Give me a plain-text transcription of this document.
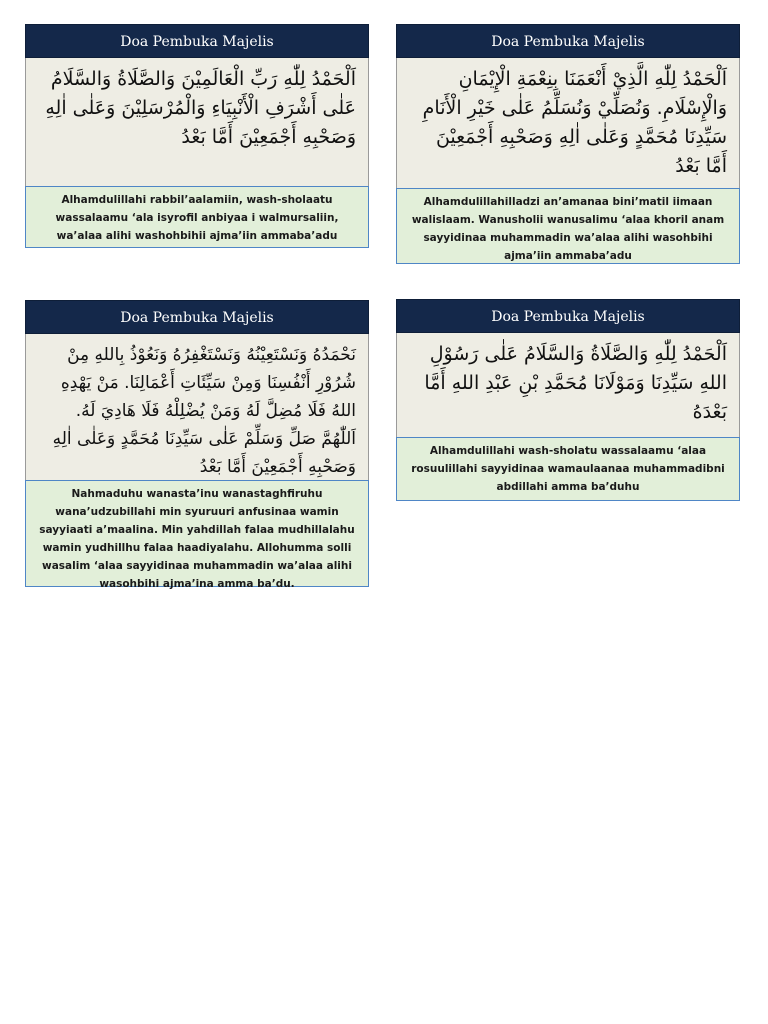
Doa Pembuka Majelis
اَلْحَمْدُ لِلّٰهِ رَبِّ الْعَالَمِيْنَ وَالصَّلَاةُ وَالسَّلَامُ عَلٰى أَشْرَفِ الْأَنْبِيَاءِ وَالْمُرْسَلِيْنَ وَعَلٰى اٰلِهِ وَصَحْبِهِ أَجْمَعِيْنَ أَمَّا بَعْدُ
Alhamdulillahi rabbil’aalamiin, wash-sholaatu wassalaamu ‘ala isyrofil anbiyaa i walmursaliin, wa’alaa alihi washohbihii ajma’iin ammaba’adu
Doa Pembuka Majelis
اَلْحَمْدُ لِلّٰهِ الَّذِيْ أَنْعَمَنَا بِنِعْمَةِ الْإِيْمَانِ وَالْإِسْلَامِ. وَنُصَلِّيْ وَنُسَلِّمُ عَلٰى خَيْرِ الْأَنَامِ سَيِّدِنَا مُحَمَّدٍ وَعَلٰى اٰلِهِ وَصَحْبِهِ أَجْمَعِيْنَ أَمَّا بَعْدُ
Alhamdulillahilladzi an’amanaa bini’matil iimaan walislaam. Wanusholii wanusalimu ‘alaa khoril anam sayyidinaa muhammadin wa’alaa alihi wasohbihi ajma’iin ammaba’adu
Doa Pembuka Majelis
نَحْمَدُهُ وَنَسْتَعِيْنُهُ وَنَسْتَغْفِرُهُ وَنَعُوْذُ بِاللهِ مِنْ شُرُوْرِ أَنْفُسِنَا وَمِنْ سَيِّئَاتِ أَعْمَالِنَا. مَنْ يَهْدِهِ اللهُ فَلَا مُضِلَّ لَهُ وَمَنْ يُضْلِلْهُ فَلَا هَادِيَ لَهُ. اَللّٰهُمَّ صَلِّ وَسَلِّمْ عَلٰى سَيِّدِنَا مُحَمَّدٍ وَعَلٰى اٰلِهِ وَصَحْبِهِ أَجْمَعِيْنَ أَمَّا بَعْدُ
Nahmaduhu wanasta’inu wanastaghfiruhu wana’udzubillahi min syuruuri anfusinaa wamin sayyiaati a’maalina. Min yahdillah falaa mudhillalahu wamin yudhillhu falaa haadiyalahu. Allohumma solli wasalim ‘alaa sayyidinaa muhammadin wa’alaa alihi wasohbihi ajma’ina amma ba’du.
Doa Pembuka Majelis
اَلْحَمْدُ لِلّٰهِ وَالصَّلَاةُ وَالسَّلَامُ عَلٰى رَسُوْلِ اللهِ سَيِّدِنَا وَمَوْلَانَا مُحَمَّدِ بْنِ عَبْدِ اللهِ أَمَّا بَعْدَهُ
Alhamdulillahi wash-sholatu wassalaamu ‘alaa rosuulillahi sayyidinaa wamaulaanaa muhammadibni abdillahi amma ba’duhu
